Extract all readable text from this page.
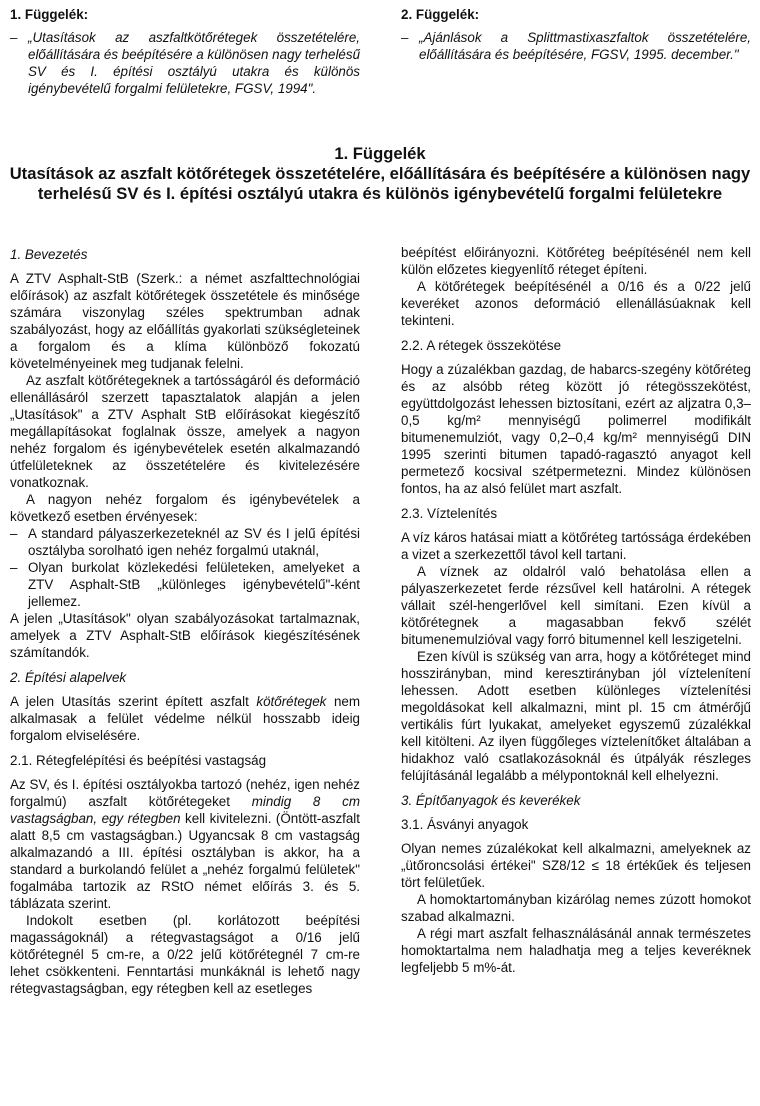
1. Függelék:
– „Utasítások az aszfaltkötőrétegek összetételére, előállítására és beépítésére a különösen nagy terhelésű SV és I. építési osztályú utakra és különös igénybevételű forgalmi felületekre, FGSV, 1994".
2. Függelék:
– „Ajánlások a Splittmastixaszfaltok összetételére, előállítására és beépítésére, FGSV, 1995. december."
1. Függelék
Utasítások az aszfalt kötőrétegek összetételére, előállítására és beépítésére a különösen nagy terhelésű SV és I. építési osztályú utakra és különös igénybevételű forgalmi felületekre
1. Bevezetés

A ZTV Asphalt-StB (Szerk.: a német aszfalttechnológiai előírások) az aszfalt kötőrétegek összetétele és minősége számára viszonylag széles spektrumban adnak szabályozást, hogy az előállítás gyakorlati szükségleteinek a forgalom és a klíma különböző fokozatú követelményeinek meg tudjanak felelni.

Az aszfalt kötőrétegeknek a tartósságáról és deformáció ellenállásáról szerzett tapasztalatok alapján a jelen „Utasítások" a ZTV Asphalt StB előírásokat kiegészítő megállapításokat foglalnak össze, amelyek a nagyon nehéz forgalom és igénybevételek esetén alkalmazandó útfelületeknek az összetételére és kivitelezésére vonatkoznak.

A nagyon nehéz forgalom és igénybevételek a következő esetben érvényesek:

– A standard pályaszerkezeteknél az SV és I jelű építési osztályba sorolható igen nehéz forgalmú utaknál,
– Olyan burkolat közlekedési felületeken, amelyeket a ZTV Asphalt-StB „különleges igénybevételű"-ként jellemez.

A jelen „Utasítások" olyan szabályozásokat tartalmaznak, amelyek a ZTV Asphalt-StB előírások kiegészítésének számítandók.

2. Építési alapelvek

A jelen Utasítás szerint épített aszfalt kötőrétegek nem alkalmasak a felület védelme nélkül hosszabb ideig forgalom elviselésére.

2.1. Rétegfelépítési és beépítési vastagság

Az SV, és I. építési osztályokba tartozó (nehéz, igen nehéz forgalmú) aszfalt kötőrétegeket mindig 8 cm vastagságban, egy rétegben kell kivitelezni. (Öntött-aszfalt alatt 8,5 cm vastagságban.) Ugyancsak 8 cm vastagság alkalmazandó a III. építési osztályban is akkor, ha a standard a burkolandó felület a „nehéz forgalmú felületek" fogalmába tartozik az RStO német előírás 3. és 5. táblázata szerint.

Indokolt esetben (pl. korlátozott beépítési magasságoknál) a rétegvastagságot a 0/16 jelű kötőrétegnél 5 cm-re, a 0/22 jelű kötőrétegnél 7 cm-re lehet csökkenteni. Fenntartási munkáknál is lehető nagy rétegvastagságban, egy rétegben kell az esetleges

beépítést előirányozni. Kötőréteg beépítésénél nem kell külön előzetes kiegyenlítő réteget építeni.

A kötőrétegek beépítésénél a 0/16 és a 0/22 jelű keveréket azonos deformáció ellenállásúaknak kell tekinteni.

2.2. A rétegek összekötése

Hogy a zúzalékban gazdag, de habarcs-szegény kötőréteg és az alsóbb réteg között jó rétegösszekötést, együttdolgozást lehessen biztosítani, ezért az aljzatra 0,3–0,5 kg/m² mennyiségű polimerrel modifikált bitumenemulziót, vagy 0,2–0,4 kg/m² mennyiségű DIN 1995 szerinti bitumen tapadó-ragasztó anyagot kell permetező kocsival szétpermetezni. Mindez különösen fontos, ha az alsó felület mart aszfalt.

2.3. Víztelenítés

A víz káros hatásai miatt a kötőréteg tartóssága érdekében a vizet a szerkezettől távol kell tartani.

A víznek az oldalról való behatolása ellen a pályaszerkezetet ferde rézsűvel kell határolni. A rétegek vállait szél-hengerlővel kell simítani. Ezen kívül a kötőrétegnek a magasabban fekvő szélét bitumenemulzióval vagy forró bitumennel kell leszigetelni.

Ezen kívül is szükség van arra, hogy a kötőréteget mind hosszirányban, mind keresztirányban jól víztelenítení lehessen. Adott esetben különleges víztelenítési megoldásokat kell alkalmazni, mint pl. 15 cm átmérőjű vertikális fúrt lyukakat, amelyeket egyszemű zúzalékkal kell kitölteni. Az ilyen függőleges víztelenítőket általában a hidakhoz való csatlakozásoknál és útpályák részleges felújításánál legalább a mélypontoknál kell elhelyezni.

3. Építőanyagok és keverékek
3.1. Ásványi anyagok

Olyan nemes zúzalékokat kell alkalmazni, amelyeknek az „ütőroncsolási értékei" SZ8/12 ≤ 18 értékűek és teljesen tört felületűek.

A homoktartományban kizárólag nemes zúzott homokot szabad alkalmazni.

A régi mart aszfalt felhasználásánál annak természetes homoktartalma nem haladhatja meg a teljes keveréknek legfeljebb 5 m%-át.
